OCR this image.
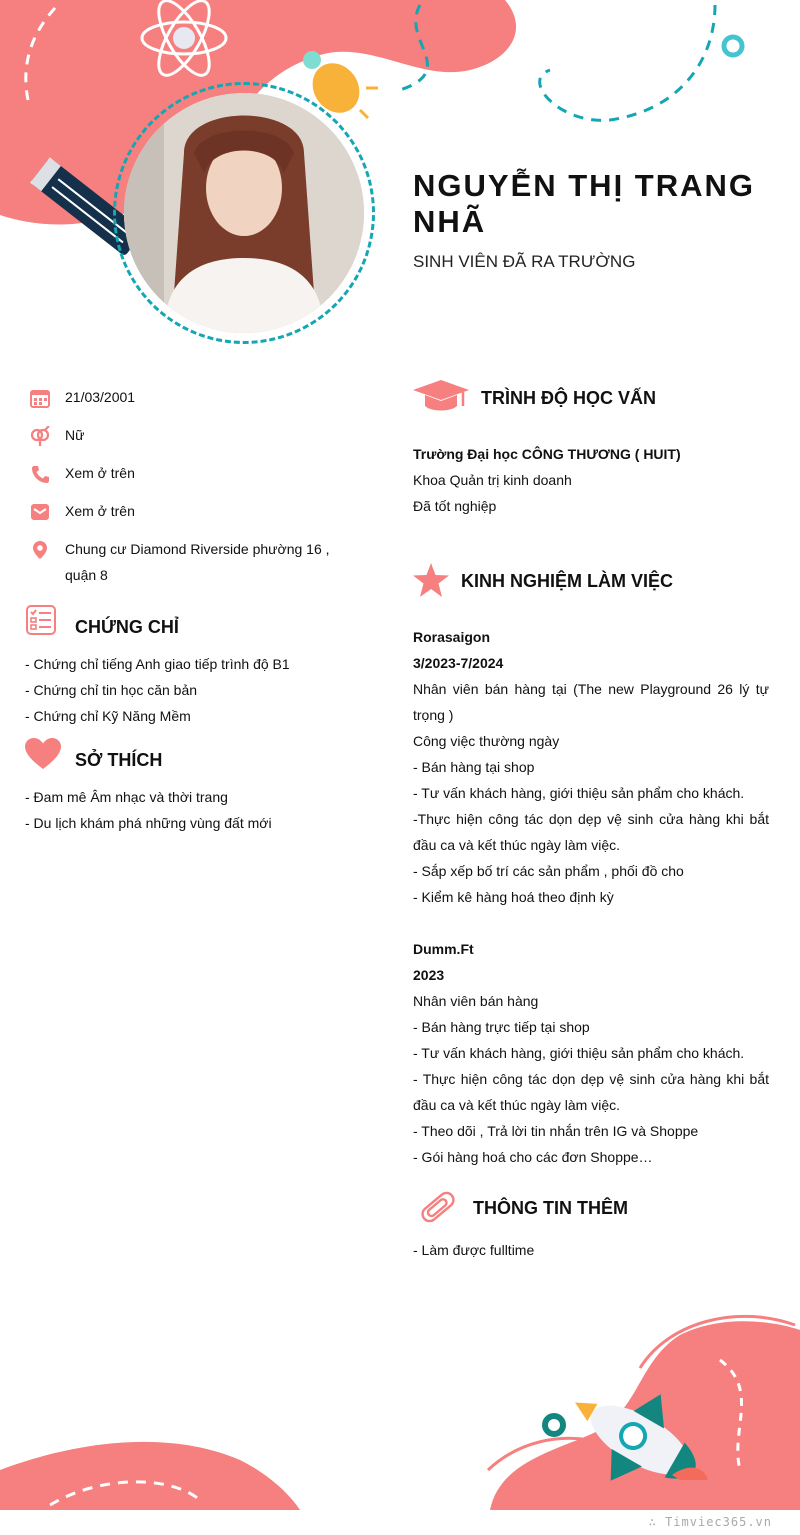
NGUYỄN THỊ TRANG NHÃ
SINH VIÊN ĐÃ RA TRƯỜNG
21/03/2001
Nữ
Xem ở trên
Xem ở trên
Chung cư Diamond Riverside phường 16 , quận 8
CHỨNG CHỈ
- Chứng chỉ tiếng Anh giao tiếp trình độ B1
- Chứng chỉ tin học căn bản
- Chứng chỉ Kỹ Năng Mềm
SỞ THÍCH
- Đam mê Âm nhạc và thời trang
- Du lịch khám phá những vùng đất mới
TRÌNH ĐỘ HỌC VẤN
Trường Đại học CÔNG THƯƠNG ( HUIT)
Khoa Quản trị kinh doanh
Đã tốt nghiệp
KINH NGHIỆM LÀM VIỆC
Rorasaigon
3/2023-7/2024
Nhân viên bán hàng tại (The new Playground 26 lý tự trọng )
Công việc thường ngày
- Bán hàng tại shop
- Tư vấn khách hàng, giới thiệu sản phẩm cho khách.
-Thực hiện công tác dọn dẹp vệ sinh cửa hàng khi bắt đầu ca và kết thúc ngày làm việc.
- Sắp xếp bố trí các sản phẩm , phối đồ cho
- Kiểm kê hàng hoá theo định kỳ
Dumm.Ft
2023
Nhân viên bán hàng
- Bán hàng trực tiếp tại shop
- Tư vấn khách hàng, giới thiệu sản phẩm cho khách.
- Thực hiện công tác dọn dẹp vệ sinh cửa hàng khi bắt đầu ca và kết thúc ngày làm việc.
- Theo dõi , Trả lời tin nhắn trên IG và Shoppe
- Gói hàng hoá cho các đơn Shoppe…
THÔNG TIN THÊM
- Làm được fulltime
∴ Timviec365.vn
